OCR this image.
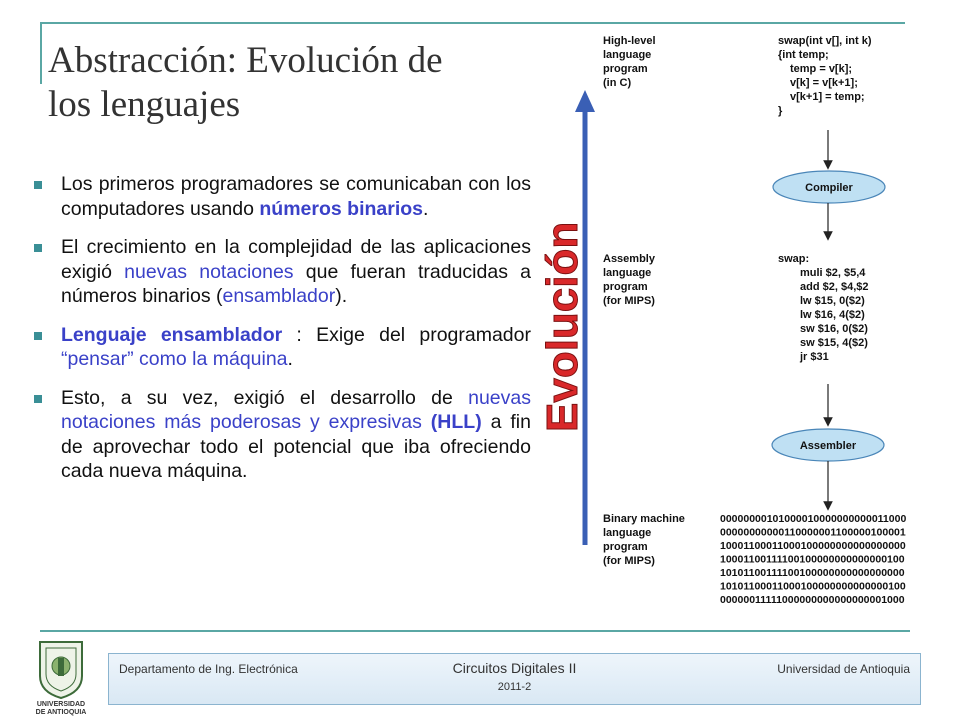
Abstracción: Evolución de
los lenguajes
Los primeros programadores se comunicaban con los computadores usando números binarios.
El crecimiento en la complejidad de las aplicaciones exigió nuevas notaciones que fueran traducidas a números binarios (ensamblador).
Lenguaje ensamblador : Exige del programador “pensar” como la máquina.
Esto, a su vez, exigió el desarrollo de nuevas notaciones más poderosas y expresivas (HLL) a fin de aprovechar todo el potencial que iba ofreciendo cada nueva máquina.
Evolución
High-level language program (in C)
swap(int v[], int k) {int temp; temp = v[k]; v[k] = v[k+1]; v[k+1] = temp; }
Compiler
Assembly language program (for MIPS)
swap: muli $2, $5,4 add $2, $4,$2 lw $15, 0($2) lw $16, 4($2) sw $16, 0($2) sw $15, 4($2) jr $31
Assembler
Binary machine language program (for MIPS)
00000000101000010000000000011000 00000000000110000001100000100001 10001100011000100000000000000000 10001100111100100000000000000100 10101100111100100000000000000000 10101100011000100000000000000100 00000011111000000000000000001000
UNIVERSIDAD
DE ANTIOQUIA
Departamento de Ing. Electrónica	Circuitos Digitales II
2011-2
Universidad de Antioquia
